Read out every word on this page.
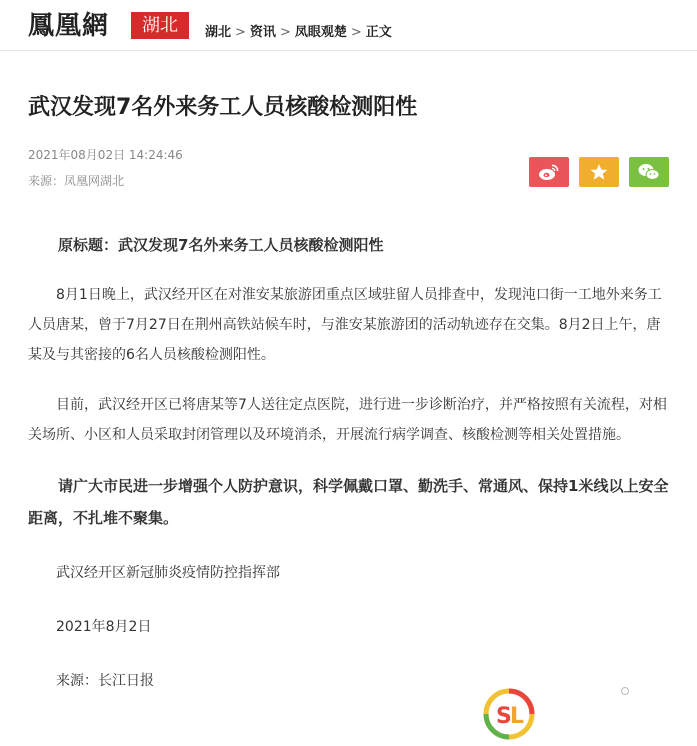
鳳凰網	湖北	湖北 > 资讯 > 凤眼观楚 > 正文
武汉发现7名外来务工人员核酸检测阳性
2021年08月02日 14:24:46
来源：凤凰网湖北

原标题：武汉发现7名外来务工人员核酸检测阳性

8月1日晚上，武汉经开区在对淮安某旅游团重点区域驻留人员排查中，发现沌口街一工地外来务工人员唐某，曾于7月27日在荆州高铁站候车时，与淮安某旅游团的活动轨迹存在交集。8月2日上午，唐某及与其密接的6名人员核酸检测阳性。

目前，武汉经开区已将唐某等7人送往定点医院，进行进一步诊断治疗，并严格按照有关流程，对相关场所、小区和人员采取封闭管理以及环境消杀，开展流行病学调查、核酸检测等相关处置措施。

请广大市民进一步增强个人防护意识，科学佩戴口罩、勤洗手、常通风、保持1米线以上安全距离，不扎堆不聚集。

武汉经开区新冠肺炎疫情防控指挥部

2021年8月2日

来源：长江日报

S
L
